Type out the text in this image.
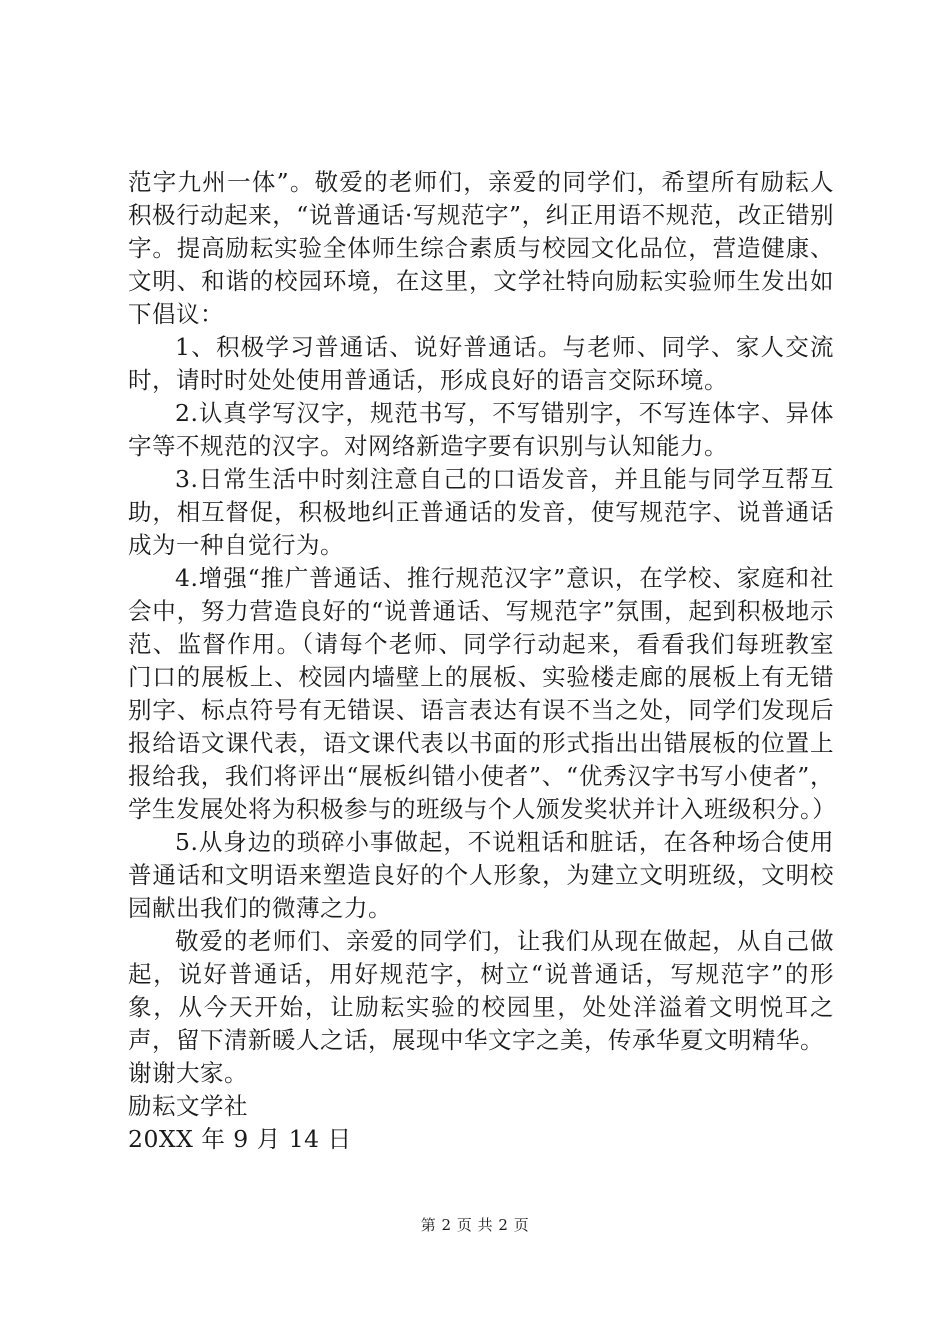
范字九州一体”。敬爱的老师们，亲爱的同学们，希望所有励耘人积极行动起来，“说普通话·写规范字”，纠正用语不规范，改正错别字。提高励耘实验全体师生综合素质与校园文化品位，营造健康、文明、和谐的校园环境，在这里，文学社特向励耘实验师生发出如下倡议：

1、积极学习普通话、说好普通话。与老师、同学、家人交流时，请时时处处使用普通话，形成良好的语言交际环境。

2.认真学写汉字，规范书写，不写错别字，不写连体字、异体字等不规范的汉字。对网络新造字要有识别与认知能力。

3.日常生活中时刻注意自己的口语发音，并且能与同学互帮互助，相互督促，积极地纠正普通话的发音，使写规范字、说普通话成为一种自觉行为。

4.增强“推广普通话、推行规范汉字”意识，在学校、家庭和社会中，努力营造良好的“说普通话、写规范字”氛围，起到积极地示范、监督作用。（请每个老师、同学行动起来，看看我们每班教室门口的展板上、校园内墙壁上的展板、实验楼走廊的展板上有无错别字、标点符号有无错误、语言表达有误不当之处，同学们发现后报给语文课代表，语文课代表以书面的形式指出出错展板的位置上报给我，我们将评出“展板纠错小使者”、“优秀汉字书写小使者”，学生发展处将为积极参与的班级与个人颁发奖状并计入班级积分。）

5.从身边的琐碎小事做起，不说粗话和脏话，在各种场合使用普通话和文明语来塑造良好的个人形象，为建立文明班级，文明校园献出我们的微薄之力。

敬爱的老师们、亲爱的同学们，让我们从现在做起，从自己做起，说好普通话，用好规范字，树立“说普通话，写规范字”的形象，从今天开始，让励耘实验的校园里，处处洋溢着文明悦耳之声，留下清新暖人之话，展现中华文字之美，传承华夏文明精华。

谢谢大家。

励耘文学社

20XX 年 9 月 14 日

第 2 页 共 2 页
